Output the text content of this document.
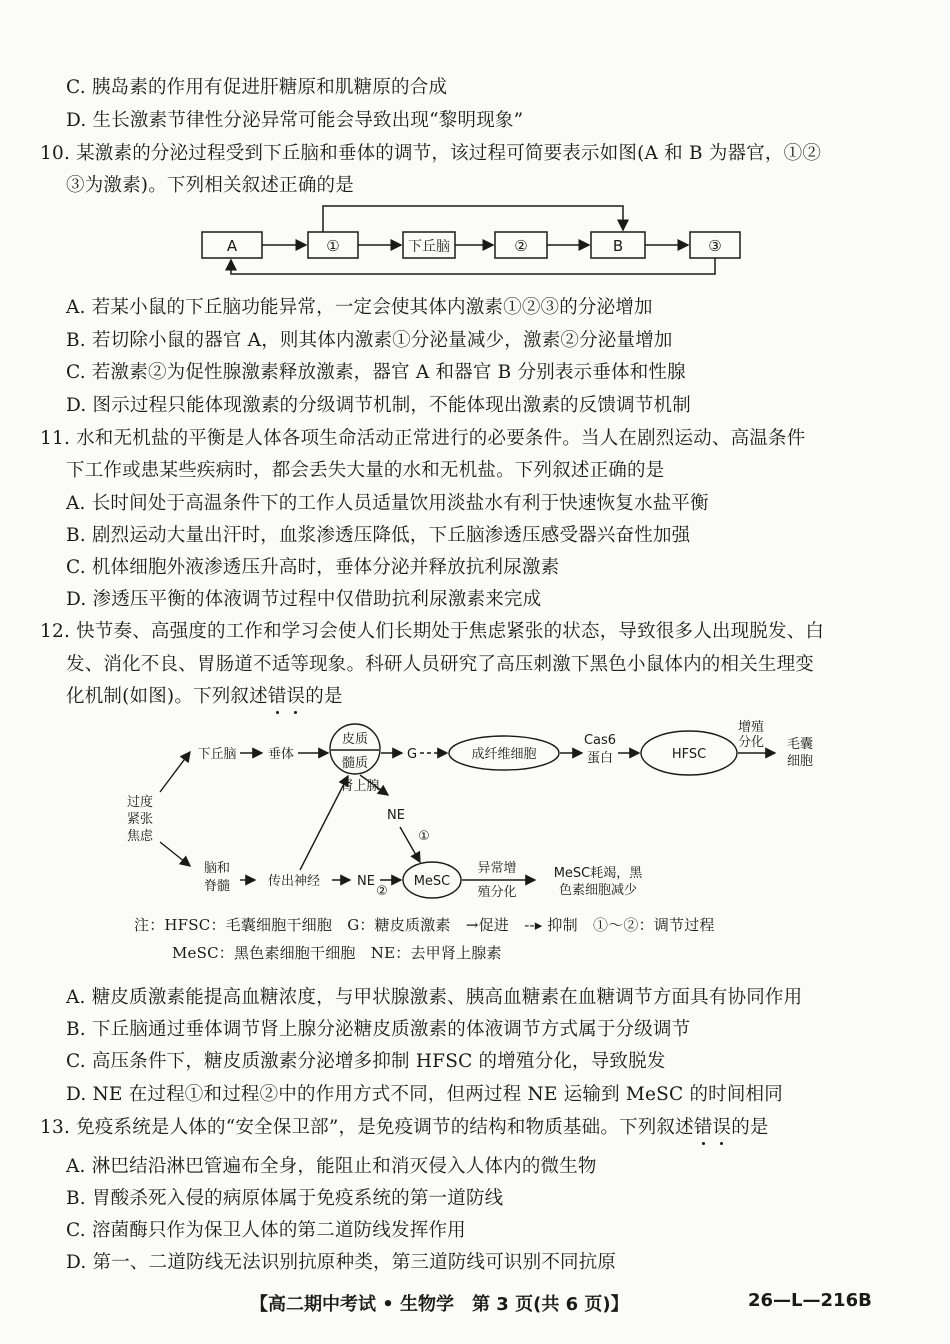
C. 胰岛素的作用有促进肝糖原和肌糖原的合成
D. 生长激素节律性分泌异常可能会导致出现“黎明现象”
10. 某激素的分泌过程受到下丘脑和垂体的调节，该过程可简要表示如图(A 和 B 为器官，①②
③为激素)。下列相关叙述正确的是
A	①	下丘脑	②	B	③
A. 若某小鼠的下丘脑功能异常，一定会使其体内激素①②③的分泌增加
B. 若切除小鼠的器官 A，则其体内激素①分泌量减少，激素②分泌量增加
C. 若激素②为促性腺激素释放激素，器官 A 和器官 B 分别表示垂体和性腺
D. 图示过程只能体现激素的分级调节机制，不能体现出激素的反馈调节机制
11. 水和无机盐的平衡是人体各项生命活动正常进行的必要条件。当人在剧烈运动、高温条件
下工作或患某些疾病时，都会丢失大量的水和无机盐。下列叙述正确的是
A. 长时间处于高温条件下的工作人员适量饮用淡盐水有利于快速恢复水盐平衡
B. 剧烈运动大量出汗时，血浆渗透压降低，下丘脑渗透压感受器兴奋性加强
C. 机体细胞外液渗透压升高时，垂体分泌并释放抗利尿激素
D. 渗透压平衡的体液调节过程中仅借助抗利尿激素来完成
12. 快节奏、高强度的工作和学习会使人们长期处于焦虑紧张的状态，导致很多人出现脱发、白
发、消化不良、胃肠道不适等现象。科研人员研究了高压刺激下黑色小鼠体内的相关生理变
化机制(如图)。下列叙述错误的是
过度
紧张
焦虑
下丘脑 垂体
皮质
髓质
肾上腺
G	成纤维细胞
Cas6
蛋白	HFSC
增殖
分化 毛囊
细胞
脑和
脊髓	传出神经	NE
②
NE
①
MeSC
异常增
殖分化
MeSC耗竭，黑
色素细胞减少
注：HFSC：毛囊细胞干细胞　G：糖皮质激素　→促进　--▸ 抑制　①～②：调节过程
MeSC：黑色素细胞干细胞　NE：去甲肾上腺素
A. 糖皮质激素能提高血糖浓度，与甲状腺激素、胰高血糖素在血糖调节方面具有协同作用
B. 下丘脑通过垂体调节肾上腺分泌糖皮质激素的体液调节方式属于分级调节
C. 高压条件下，糖皮质激素分泌增多抑制 HFSC 的增殖分化，导致脱发
D. NE 在过程①和过程②中的作用方式不同，但两过程 NE 运输到 MeSC 的时间相同
13. 免疫系统是人体的“安全保卫部”，是免疫调节的结构和物质基础。下列叙述错误的是
A. 淋巴结沿淋巴管遍布全身，能阻止和消灭侵入人体内的微生物
B. 胃酸杀死入侵的病原体属于免疫系统的第一道防线
C. 溶菌酶只作为保卫人体的第二道防线发挥作用
D. 第一、二道防线无法识别抗原种类，第三道防线可识别不同抗原
【高二期中考试 • 生物学　第 3 页(共 6 页)】	26—L—216B
